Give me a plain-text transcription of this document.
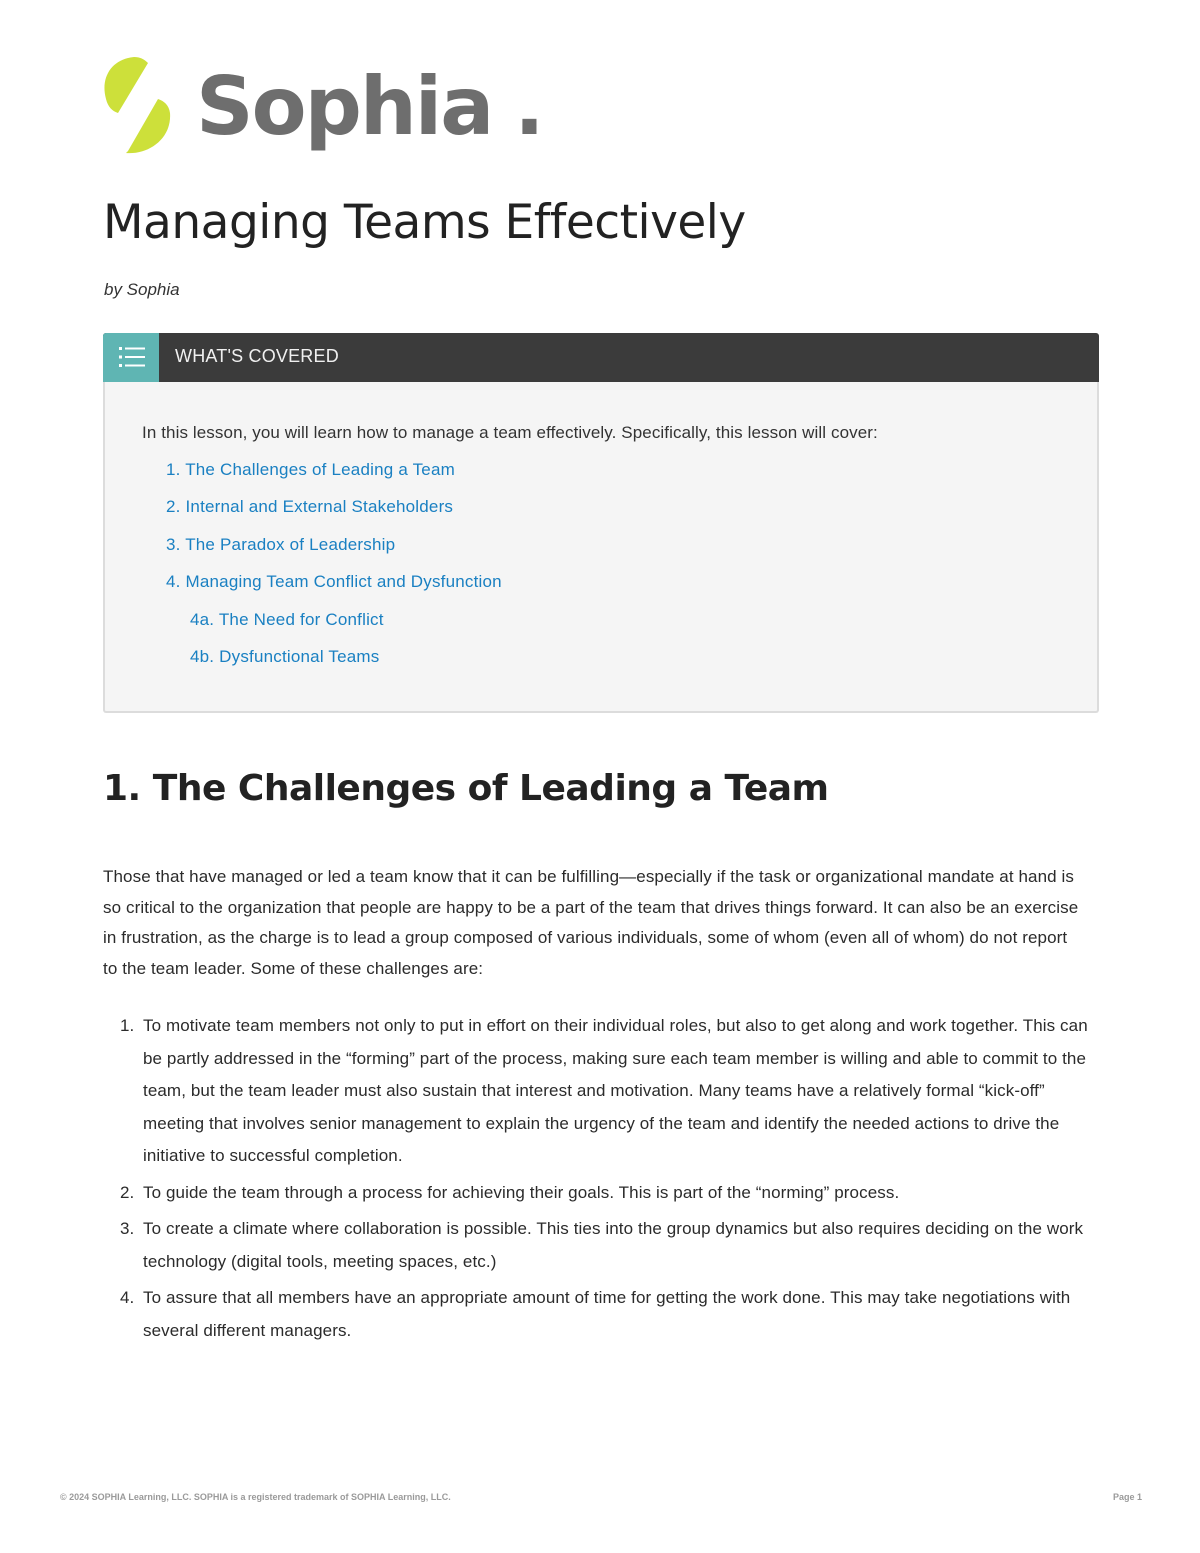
Sophia .
Managing Teams Effectively
by Sophia
WHAT'S COVERED
In this lesson, you will learn how to manage a team effectively. Specifically, this lesson will cover:
1. The Challenges of Leading a Team
2. Internal and External Stakeholders
3. The Paradox of Leadership
4. Managing Team Conflict and Dysfunction
4a. The Need for Conflict
4b. Dysfunctional Teams
1. The Challenges of Leading a Team

Those that have managed or led a team know that it can be fulfilling—especially if the task or organizational mandate at hand is so critical to the organization that people are happy to be a part of the team that drives things forward. It can also be an exercise in frustration, as the charge is to lead a group composed of various individuals, some of whom (even all of whom) do not report to the team leader. Some of these challenges are:

1. To motivate team members not only to put in effort on their individual roles, but also to get along and work together. This can be partly addressed in the “forming” part of the process, making sure each team member is willing and able to commit to the team, but the team leader must also sustain that interest and motivation. Many teams have a relatively formal “kick-off” meeting that involves senior management to explain the urgency of the team and identify the needed actions to drive the initiative to successful completion.
2. To guide the team through a process for achieving their goals. This is part of the “norming” process.
3. To create a climate where collaboration is possible. This ties into the group dynamics but also requires deciding on the work technology (digital tools, meeting spaces, etc.)
4. To assure that all members have an appropriate amount of time for getting the work done. This may take negotiations with several different managers.
© 2024 SOPHIA Learning, LLC. SOPHIA is a registered trademark of SOPHIA Learning, LLC.	Page 1
